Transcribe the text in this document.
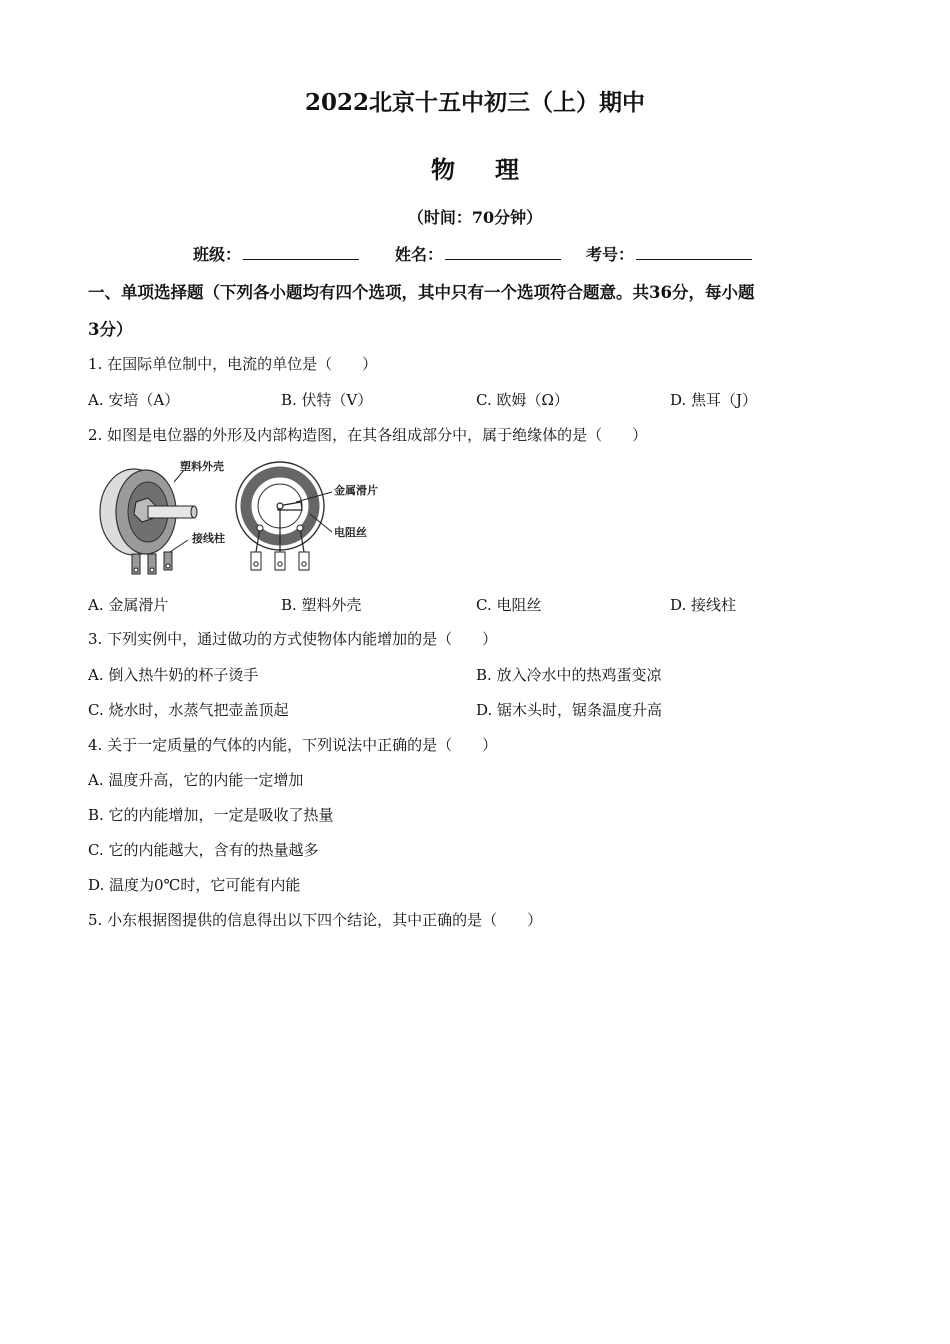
2022北京十五中初三（上）期中
物理
（时间：70分钟）
班级：	姓名：	考号：
一、单项选择题（下列各小题均有四个选项，其中只有一个选项符合题意。共36分，每小题
3分）
1. 在国际单位制中，电流的单位是（　　）
A. 安培（A）	B. 伏特（V）	C. 欧姆（Ω）	D. 焦耳（J）
2. 如图是电位器的外形及内部构造图，在其各组成部分中，属于绝缘体的是（　　）
塑料外壳
接线柱
金属滑片
电阻丝
A. 金属滑片	B. 塑料外壳	C. 电阻丝	D. 接线柱
3. 下列实例中，通过做功的方式使物体内能增加的是（　　）
A. 倒入热牛奶的杯子烫手	B. 放入冷水中的热鸡蛋变凉
C. 烧水时，水蒸气把壶盖顶起	D. 锯木头时，锯条温度升高
4. 关于一定质量的气体的内能，下列说法中正确的是（　　）
A. 温度升高，它的内能一定增加
B. 它的内能增加，一定是吸收了热量
C. 它的内能越大，含有的热量越多
D. 温度为0℃时，它可能有内能
5. 小东根据图提供的信息得出以下四个结论，其中正确的是（　　）
